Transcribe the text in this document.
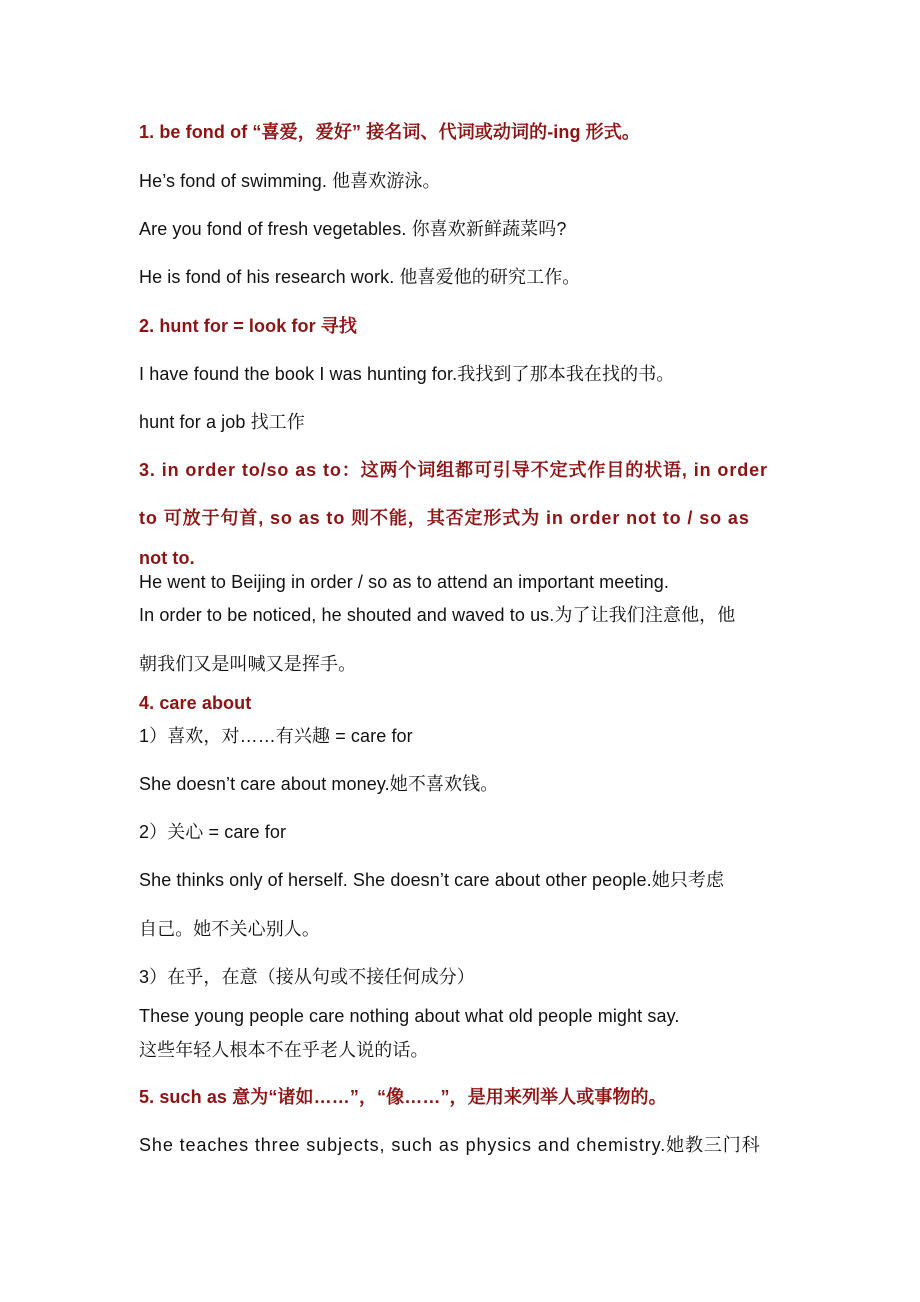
1. be fond of “喜爱，爱好” 接名词、代词或动词的-ing 形式。
He’s fond of swimming. 他喜欢游泳。
Are you fond of fresh vegetables. 你喜欢新鲜蔬菜吗?
He is fond of his research work. 他喜爱他的研究工作。
2. hunt for = look for 寻找
I have found the book I was hunting for.我找到了那本我在找的书。
hunt for a job 找工作
3. in order to/so as to：这两个词组都可引导不定式作目的状语, in order
to 可放于句首, so as to 则不能，其否定形式为 in order not to / so as
not to.
He went to Beijing in order / so as to attend an important meeting.
In order to be noticed, he shouted and waved to us.为了让我们注意他，他
朝我们又是叫喊又是挥手。
4. care about
1）喜欢，对……有兴趣 = care for
She doesn’t care about money.她不喜欢钱。
2）关心 = care for
She thinks only of herself. She doesn’t care about other people.她只考虑
自己。她不关心别人。
3）在乎，在意（接从句或不接任何成分）
These young people care nothing about what old people might say.
这些年轻人根本不在乎老人说的话。
5. such as 意为“诸如……”，“像……”，是用来列举人或事物的。
She teaches three subjects, such as physics and chemistry.她教三门科
